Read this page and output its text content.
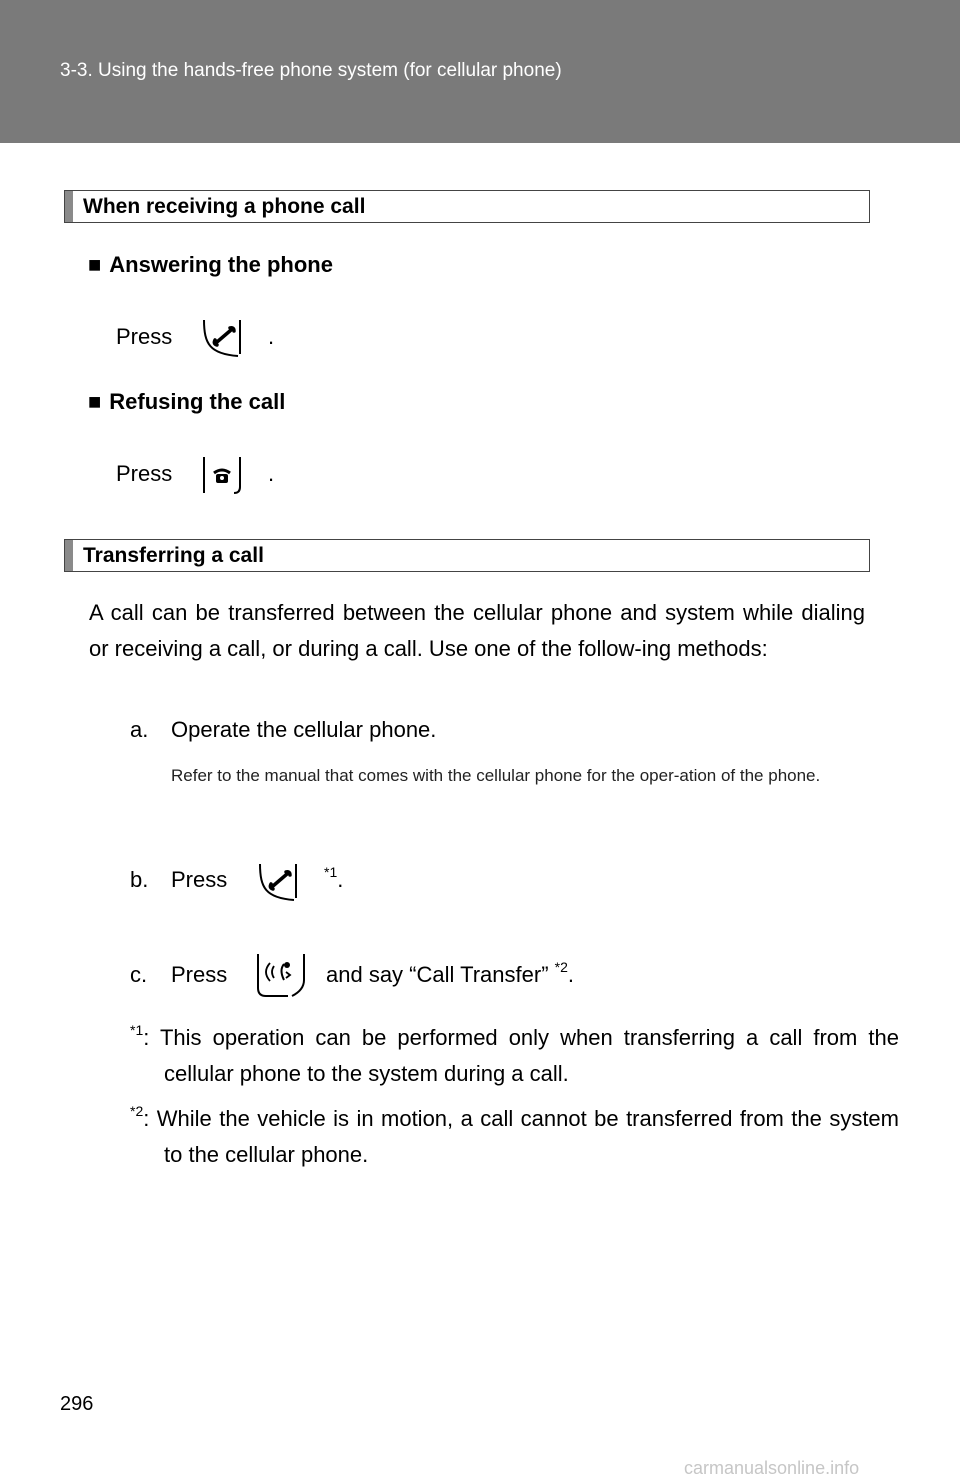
3-3. Using the hands-free phone system (for cellular phone)
When receiving a phone call
■ Answering the phone
Press	.
■ Refusing the call
Press	.
Transferring a call
A call can be transferred between the cellular phone and system while dialing or receiving a call, or during a call. Use one of the follow-ing methods:
a. Operate the cellular phone.
Refer to the manual that comes with the cellular phone for the oper-ation of the phone.
b. Press	$^{*1}$.
c. Press	and say “Call Transfer” $^{*2}$.
$^{*1}$: This operation can be performed only when transferring a call from the cellular phone to the system during a call.
$^{*2}$: While the vehicle is in motion, a call cannot be transferred from the system to the cellular phone.
296
carmanualsonline.info
